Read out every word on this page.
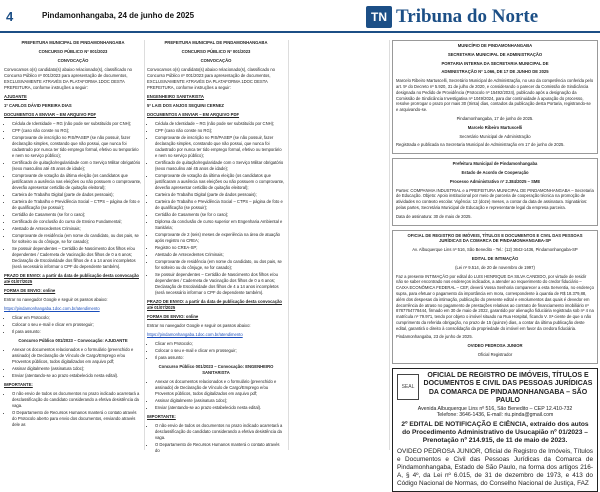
4	Pindamonhangaba, 24 de junho de 2025	TN Tribuna do Norte

PREFEITURA MUNICIPAL DE PINDAMONHANGABA

CONCURSO PÚBLICO Nº 001/2023

CONVOCAÇÃO

Convocamos o(s) candidato(s) abaixo relacionado(s), classificado no Concurso Público nº 001/2023 para apresentação de documentos, EXCLUSIVAMENTE ATRAVÉS DA PLATAFORMA 1DOC DESTA PREFEITURA, conforme instruções a seguir:

AJUDANTE

1º CARLOS DÁVID PEREIRA DIAS

DOCUMENTOS A ENVIAR – EM ARQUIVO PDF

• Cédula de Identidade – RG (não pode ser substituído por CNH);
• CPF (caso não conste no RG);
• Comprovante de inscrição no PIS/PASEP (se não possuir, fazer declaração simples, constando que não possui, que nunca foi cadastrado por nunca ter tido emprego formal, efetivo ou temporário e nem no serviço público);
• Certificado de quitação/regularidade com o Serviço Militar obrigatório (sexo masculino até 45 anos de idade);
• Comprovante de votação da última eleição (os candidatos que justificaram a ausência nas eleições ou não possuem o comprovante, deverão apresentar certidão de quitação eleitoral);
• Carteira de Trabalho Digital (parte de dados pessoais);
• Carteira de Trabalho e Previdência Social – CTPS – página de foto e de qualificação (se possuir);
• Certidão de Casamento (se for o caso);
• Certificado de conclusão do curso de Ensino Fundamental;
• Atestado de Antecedentes Criminais;
• Comprovante de residência (em nome do candidato, ou dos pais, se for solteiro ou do cônjuge, se for casado);
• Se possuir dependentes – Certidão de Nascimento dos filhos e/ou dependentes / Caderneta de Vacinação dos filhos de 0 a 6 anos; Declaração de Escolaridade dos filhos de 4 a 14 anos incompletos (será necessário informar o CPF do dependente também).

PRAZO DE ENVIO: a partir da data de publicação desta convocação até 01/07/2025

FORMA DE ENVIO: online

Entrar no navegador Google e seguir os passos abaixo:

https://pindamonhangaba.1doc.com.br/atendimento

• Clicar em Protocolo;
• Colocar o seu e-mail e clicar em prosseguir;
• Il para assunto:

Concurso Público 001/2023 – Convocação: AJUDANTE

• Anexar os documentos relacionados e o formulário (preenchido e assinado) de Declaração de Vínculo de Cargo/Emprego e/ou Proventos públicos, todos digitalizados em arquivo pdf;
• Assinar digitalmente (assinatura 1doc);
• Enviar (atentando-se ao prazo estabelecido nesta edital).

IMPORTANTE:

• O não envio de todos os documentos no prazo indicado acarretará a desclassificação do candidato considerando a efetiva desistência da vaga.
• O Departamento de Recursos Humanos manterá o contato através do Protocolo aberto para envio dos documentos, enviando através dele as

PREFEITURA MUNICIPAL DE PINDAMONHANGABA

CONCURSO PÚBLICO Nº 001/2023

CONVOCAÇÃO

Convocamos o(s) candidato(s) abaixo relacionado(s), classificado no Concurso Público nº 001/2023 para apresentação de documentos, EXCLUSIVAMENTE ATRAVÉS DA PLATAFORMA 1DOC DESTA PREFEITURA, conforme instruções a seguir:

ENGENHEIRO SANITARISTA

5º LAIS DOS ANJOS SEQUINI CERNEZ

DOCUMENTOS A ENVIAR – EM ARQUIVO PDF

• Cédula de Identidade – RG (não pode ser substituído por CNH);
• CPF (caso não conste no RG);
• Comprovante de inscrição no PIS/PASEP (se não possuir, fazer declaração simples, constando que não possui, que nunca foi cadastrado por nunca ter tido emprego formal, efetivo ou temporário e nem no serviço público);
• Certificado de quitação/regularidade com o Serviço Militar obrigatório (sexo masculino até 45 anos de idade);
• Comprovante de votação da última eleição (os candidatos que justificaram a ausência nas eleições ou não possuem o comprovante, deverão apresentar certidão de quitação eleitoral);
• Carteira de Trabalho Digital (parte de dados pessoais);
• Carteira de Trabalho e Previdência Social – CTPS – página de foto e de qualificação (se possuir);
• Certidão de Casamento (se for o caso);
• Diploma da conclusão de curso superior em Engenharia Ambiental e Sanitária;
• Comprovante de 2 (seis) meses de experiência na área de atuação após registro no CREA;
• Registro no CREA-SP;
• Atestado de Antecedentes Criminais;
• Comprovante de residência (em nome do candidato, ou dos pais, se for solteiro ou do cônjuge, se for casado);
• Se possuir dependentes – Certidão de Nascimento dos filhos e/ou dependentes / Caderneta de Vacinação dos filhos de 0 a 6 anos; Declaração de Escolaridade dos filhos de 4 a 14 anos incompletos (será necessário informar o CPF do dependente também).

PRAZO DE ENVIO: a partir da data de publicação desta convocação até 01/07/2025

FORMA DE ENVIO: online

Entrar no navegador Google e seguir os passos abaixo:

https://pindamonhangaba.1doc.com.br/atendimento

• Clicar em Protocolo;
• Colocar o seu e-mail e clicar em prosseguir;
• Il para assunto:

Concurso Público 001/2023 – Convocação: ENGENHEIRO SANITARISTA

• Anexar os documentos relacionados e o formulário (preenchido e assinado) de Declaração de Vínculo de Cargo/Emprego e/ou Proventos públicos, todos digitalizados em arquivo pdf;
• Assinar digitalmente (assinatura 1doc);
• Enviar (atentando-se ao prazo estabelecido nesta edital).

IMPORTANTE:

• O não envio de todos os documentos no prazo indicado acarretará a desclassificação do candidato considerando a efetiva desistência da vaga.
• O Departamento de Recursos Humanos manterá o contato através do

MUNICÍPIO DE PINDAMONHANGABA

SECRETARIA MUNICIPAL DE ADMINISTRAÇÃO

PORTARIA INTERNA DA SECRETARIA MUNICIPAL DE

ADMINISTRAÇÃO Nº 1.066, DE 17 DE JUNHO DE 2025

Marcelo Ribeiro Martuscelli, Secretário Municipal de Administração, no uso da competência conferida pelo art. 5º do Decreto nº 5.920, 31 de julho de 2020, e considerando o parecer da Comissão de Sindicância designada no Pedido de Providência (Protocolo nº 15492/2024), publicado após a designação da Comissão de Sindicância Investigativa nº 1049/2024, para dar continuidade à apuração do processo, resolve prorrogar o prazo por mais 30 (trinta) dias, contados da publicação desta Portaria, registrando-se e arquivando-se.

Pindamonhangaba, 17 de junho de 2025.

Marcelo Ribeiro Martuscelli

Secretário Municipal de Administração

Registrada e publicada na Secretaria Municipal de Administração em 17 de junho de 2025.

Prefeitura Municipal de Pindamonhangaba

Estado de Acordo de Cooperação

Processo Administrativo nº 2.384/2025 – SME

Partes: COMPANHIA INDUSTRIAL e a PREFEITURA MUNICIPAL DE PINDAMONHANGABA – Secretaria de Educação. Objeto: Apoio institucional por meio de parceria de cooperação técnica na promoção de atividades no contexto escolar. Vigência: 12 (doze) meses, a contar da data de assinatura. Signatários: pelas partes, Secretária Municipal de Educação e representante legal da empresa parceira.

Data de assinatura: 30 de maio de 2025.

OFICIAL DE REGISTRO DE IMÓVEIS, TÍTULOS E DOCUMENTOS E CIVIL DAS PESSOAS JURÍDICAS DA COMARCA DE PINDAMONHANGABA-SP

Av. Albuquerque Lins nº 516, São Benedito - Tel.: (12) 3642-1436, Pindamonhangaba-SP

EDITAL DE INTIMAÇÃO

(Lei nº 9.514, de 20 de novembro de 1997)

Faz a presente INTIMAÇÃO por edital do LUIS HENRIQUE DA SILVA CANDIDO, por virtude de residir não se saber encontrado nos endereços indicados, a atender ao requerimento do credor fiduciário – CAIXA ECONÔMICA FEDERAL – CEF, deverá Vossa Senhoria comparecer a esta Serventia, no endereço supra, para efetuar o pagamento da importância em mora, correspondente à quantia de R$ 18.379,88, além dos despesas da intimação, publicação do presente edital e emolumentos das quais é devedor em decorrência de atraso no pagamento de prestações relativas ao contrato de financiamento imobiliário nº 8787764778444, firmado em 30 de maio de 2022, garantido por alienação fiduciária registrada sob nº 4 na matrícula nº 79.971, tendo por objeto o imóvel situado na Rua Hospital, ficando V. Sª ciente de que o não cumprimento da referida obrigação, no prazo de 15 (quinze) dias, a contar da última publicação deste edital, garantirá o direito à consolidação da propriedade do imóvel em favor da credora fiduciária.

Pindamonhangaba, 23 de junho de 2025.

OVIDEO PEDROSA JUNIOR

Oficial Registrador

SEAL
OFICIAL DE REGISTRO DE IMÓVEIS, TÍTULOS E DOCUMENTOS E CIVIL DAS PESSOAS JURÍDICAS DA COMARCA DE PINDAMONHANGABA – SÃO PAULO
Avenida Albuquerque Lins nº 516, São Benedito – CEP 12.410-732
Telefone: 3646-1436, E-mail: riu.pinda@gmail.com
2º EDITAL DE NOTIFICAÇÃO E CIÊNCIA, extraído dos autos do Procedimento Administrativo de Usucapião nº 01/2023 – Prenotação nº 214.915, de 11 de maio de 2023.
OVIDEO PEDROSA JUNIOR, Oficial de Registro de Imóveis, Títulos e Documentos e Civil das Pessoas Jurídicas da Comarca de Pindamonhangaba, Estado de São Paulo, na forma dos artigos 216-A, § 4º, da Lei nº 6.015, de 31 de dezembro de 1973, e 413 do Código Nacional de Normas, do Conselho Nacional de Justiça, FAZ
